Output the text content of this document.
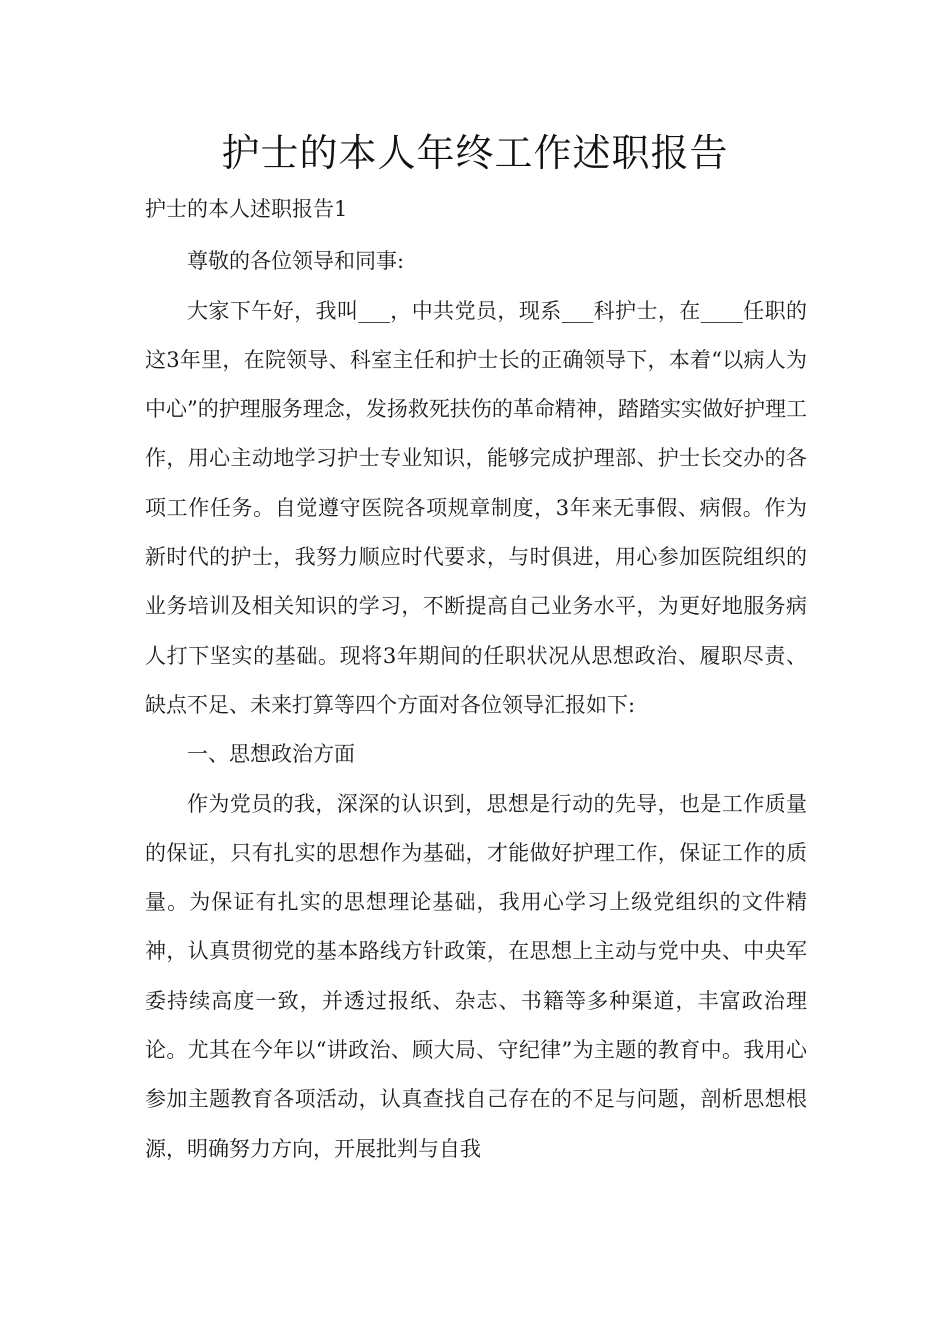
护士的本人年终工作述职报告

护士的本人述职报告1

尊敬的各位领导和同事:

大家下午好，我叫___，中共党员，现系___科护士，在____任职的这3年里，在院领导、科室主任和护士长的正确领导下，本着“以病人为中心”的护理服务理念，发扬救死扶伤的革命精神，踏踏实实做好护理工作，用心主动地学习护士专业知识，能够完成护理部、护士长交办的各项工作任务。自觉遵守医院各项规章制度，3年来无事假、病假。作为新时代的护士，我努力顺应时代要求，与时俱进，用心参加医院组织的业务培训及相关知识的学习，不断提高自己业务水平，为更好地服务病人打下坚实的基础。现将3年期间的任职状况从思想政治、履职尽责、缺点不足、未来打算等四个方面对各位领导汇报如下:

一、思想政治方面

作为党员的我，深深的认识到，思想是行动的先导，也是工作质量的保证，只有扎实的思想作为基础，才能做好护理工作，保证工作的质量。为保证有扎实的思想理论基础，我用心学习上级党组织的文件精神，认真贯彻党的基本路线方针政策，在思想上主动与党中央、中央军委持续高度一致，并透过报纸、杂志、书籍等多种渠道，丰富政治理论。尤其在今年以“讲政治、顾大局、守纪律”为主题的教育中。我用心参加主题教育各项活动，认真查找自己存在的不足与问题，剖析思想根源，明确努力方向，开展批判与自我
